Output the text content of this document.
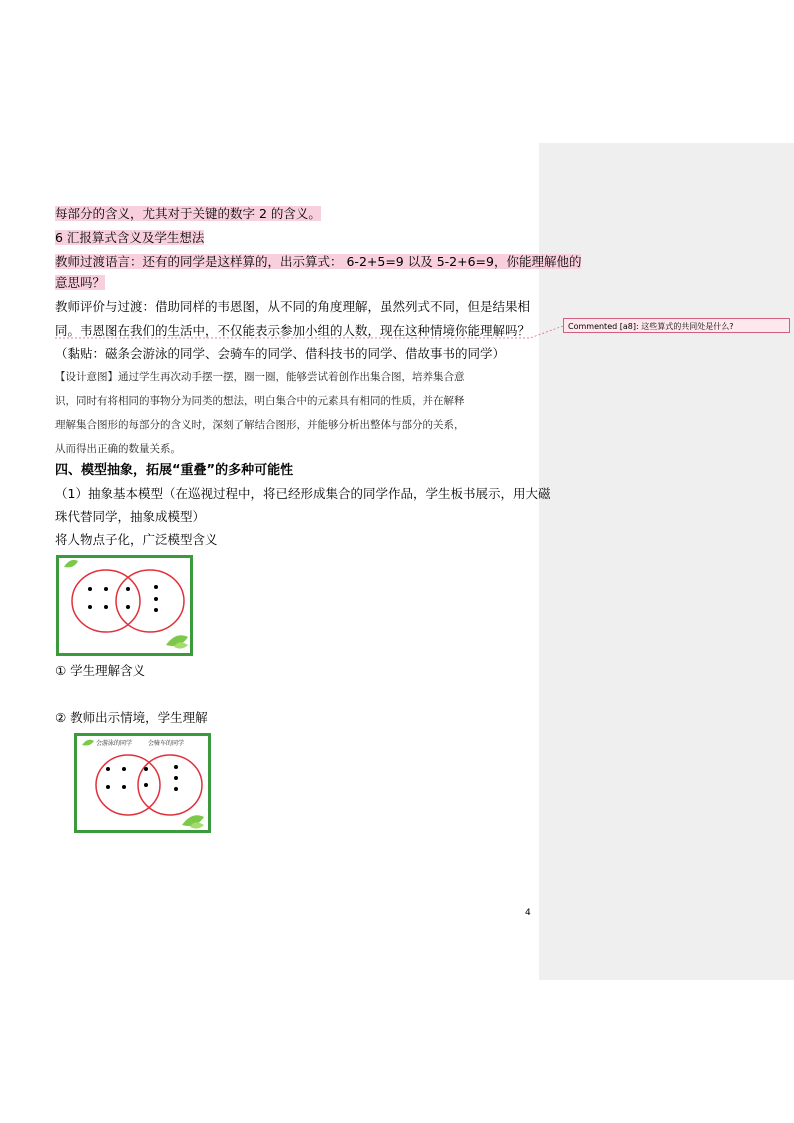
每部分的含义，尤其对于关键的数字 2 的含义。
6 汇报算式含义及学生想法
教师过渡语言：还有的同学是这样算的，出示算式： 6-2+5=9 以及 5-2+6=9，你能理解他的
意思吗？
教师评价与过渡：借助同样的韦恩图，从不同的角度理解，虽然列式不同，但是结果相
同。韦恩图在我们的生活中，不仅能表示参加小组的人数，现在这种情境你能理解吗？
（黏贴：磁条会游泳的同学、会骑车的同学、借科技书的同学、借故事书的同学）
【设计意图】通过学生再次动手摆一摆，圈一圈，能够尝试着创作出集合图，培养集合意
识，同时有将相同的事物分为同类的想法，明白集合中的元素具有相同的性质，并在解释
理解集合图形的每部分的含义时，深刻了解结合图形，并能够分析出整体与部分的关系，
从而得出正确的数量关系。
四、模型抽象，拓展“重叠”的多种可能性
（1）抽象基本模型（在巡视过程中，将已经形成集合的同学作品，学生板书展示，用大磁
珠代替同学，抽象成模型）
将人物点子化，广泛模型含义
① 学生理解含义
② 教师出示情境，学生理解
会游泳的同学	会骑车的同学
Commented [a8]: 这些算式的共同处是什么?
4
